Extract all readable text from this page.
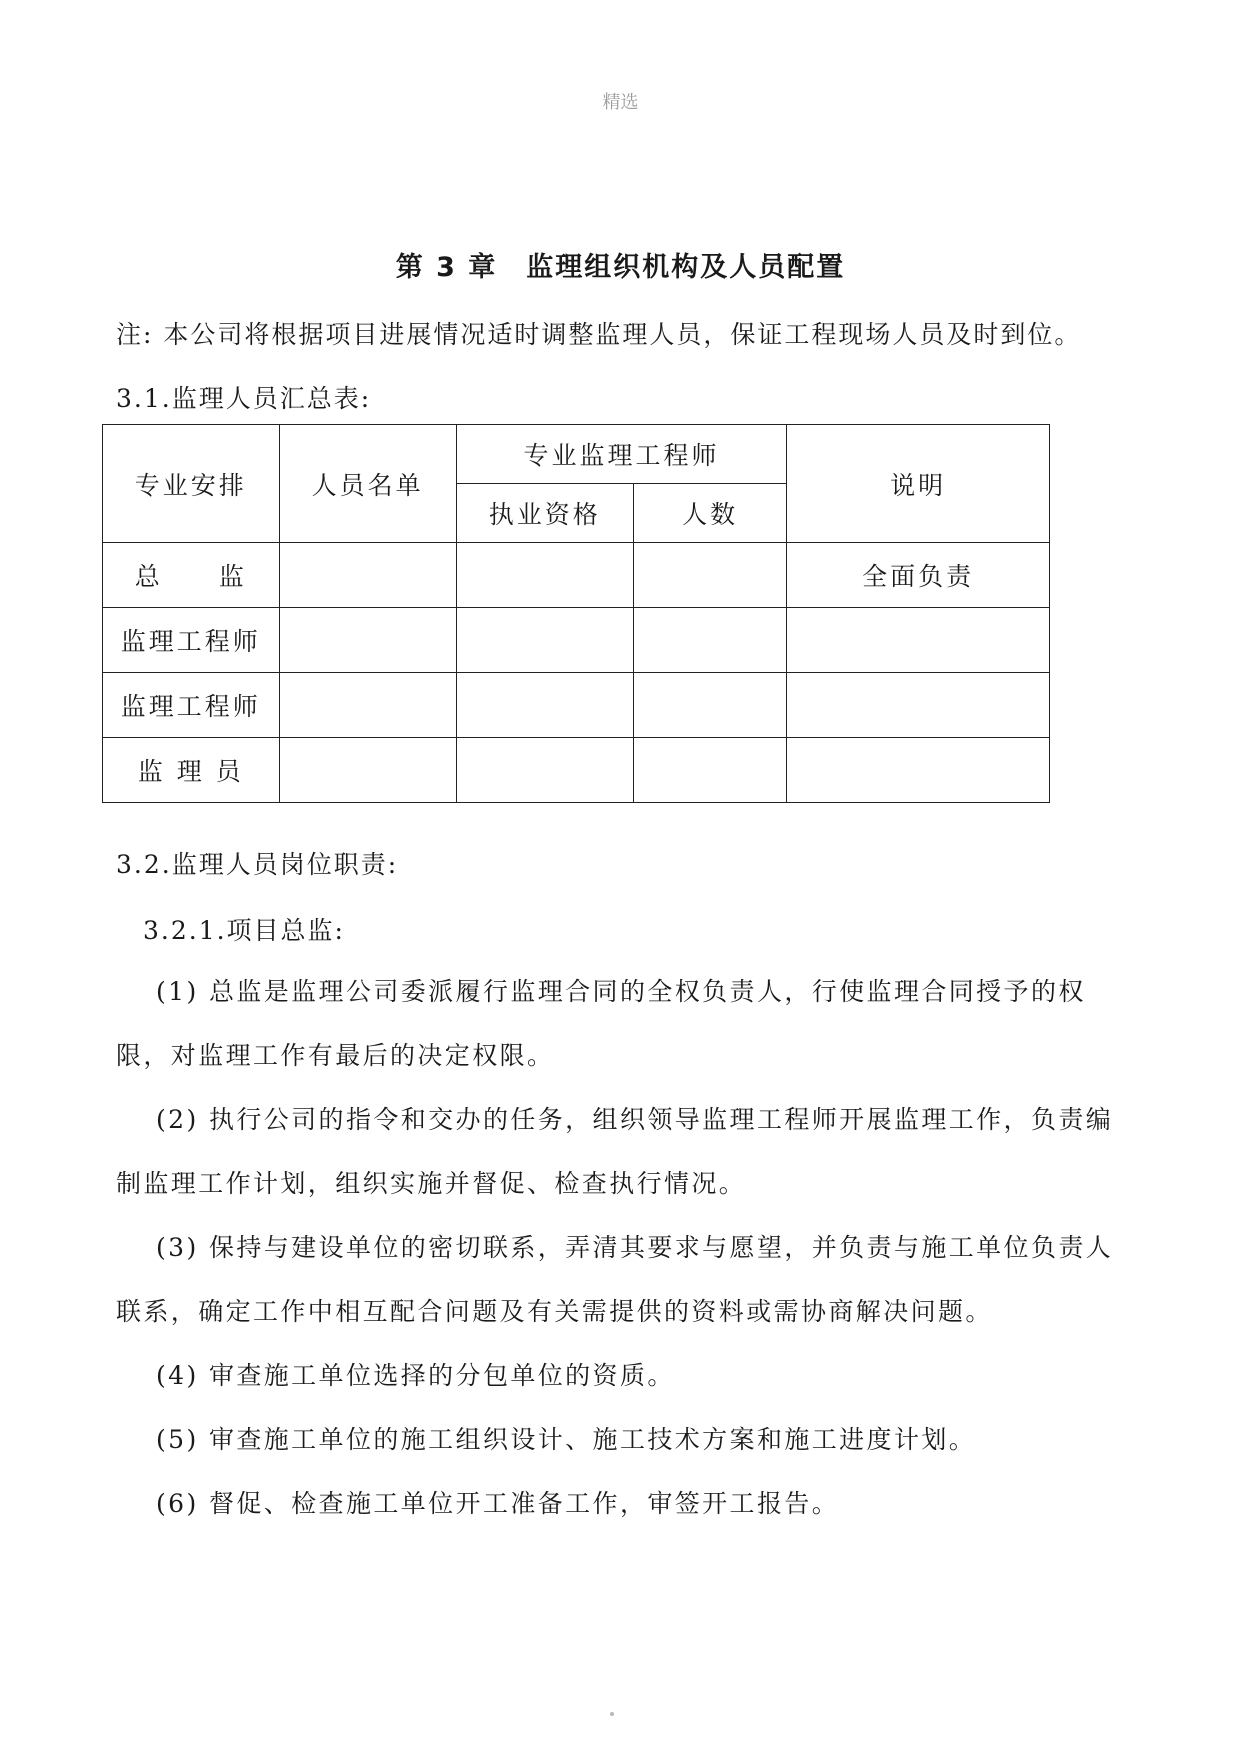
精选
第 3 章　监理组织机构及人员配置
注: 本公司将根据项目进展情况适时调整监理人员，保证工程现场人员及时到位。
3.1.监理人员汇总表:
专业安排	人员名单	专业监理工程师		说明
		执业资格	人数	
总　　监				全面负责
监理工程师				
监理工程师				
监 理 员				
3.2.监理人员岗位职责:
3.2.1.项目总监:

(1) 总监是监理公司委派履行监理合同的全权负责人，行使监理合同授予的权限，对监理工作有最后的决定权限。

(2) 执行公司的指令和交办的任务，组织领导监理工程师开展监理工作，负责编制监理工作计划，组织实施并督促、检查执行情况。

(3) 保持与建设单位的密切联系，弄清其要求与愿望，并负责与施工单位负责人联系，确定工作中相互配合问题及有关需提供的资料或需协商解决问题。

(4) 审查施工单位选择的分包单位的资质。

(5) 审查施工单位的施工组织设计、施工技术方案和施工进度计划。

(6) 督促、检查施工单位开工准备工作，审签开工报告。
